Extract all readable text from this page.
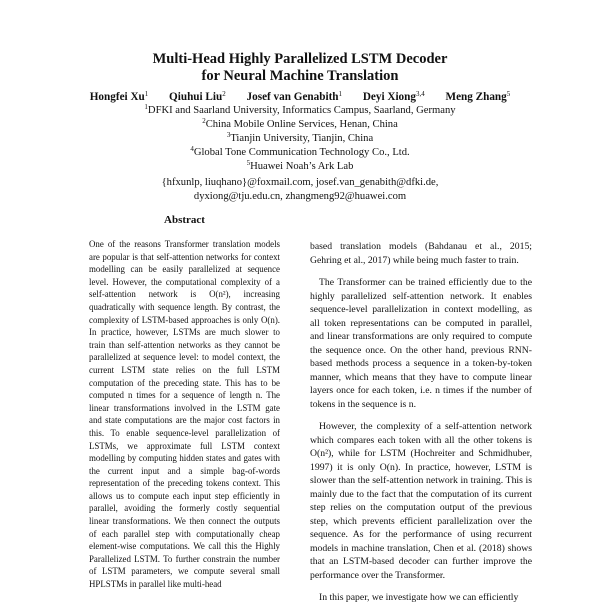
Multi-Head Highly Parallelized LSTM Decoder
for Neural Machine Translation
Hongfei Xu$^1$ Qiuhui Liu$^2$ Josef van Genabith$^1$ Deyi Xiong$^{3,4}$ Meng Zhang$^5$
$^1$DFKI and Saarland University, Informatics Campus, Saarland, Germany
$^2$China Mobile Online Services, Henan, China
$^3$Tianjin University, Tianjin, China
$^4$Global Tone Communication Technology Co., Ltd.
$^5$Huawei Noah’s Ark Lab
{hfxunlp, liuqhano}@foxmail.com, josef.van_genabith@dfki.de,
dyxiong@tju.edu.cn, zhangmeng92@huawei.com
Abstract

One of the reasons Transformer translation models are popular is that self-attention networks for context modelling can be easily parallelized at sequence level. However, the computational complexity of a self-attention network is O(n²), increasing quadratically with sequence length. By contrast, the complexity of LSTM-based approaches is only O(n). In practice, however, LSTMs are much slower to train than self-attention networks as they cannot be parallelized at sequence level: to model context, the current LSTM state relies on the full LSTM computation of the preceding state. This has to be computed n times for a sequence of length n. The linear transformations involved in the LSTM gate and state computations are the major cost factors in this. To enable sequence-level parallelization of LSTMs, we approximate full LSTM context modelling by computing hidden states and gates with the current input and a simple bag-of-words representation of the preceding tokens context. This allows us to compute each input step efficiently in parallel, avoiding the formerly costly sequential linear transformations. We then connect the outputs of each parallel step with computationally cheap element-wise computations. We call this the Highly Parallelized LSTM. To further constrain the number of LSTM parameters, we compute several small HPLSTMs in parallel like multi-head

based translation models (Bahdanau et al., 2015; Gehring et al., 2017) while being much faster to train.

The Transformer can be trained efficiently due to the highly parallelized self-attention network. It enables sequence-level parallelization in context modelling, as all token representations can be computed in parallel, and linear transformations are only required to compute the sequence once. On the other hand, previous RNN-based methods process a sequence in a token-by-token manner, which means that they have to compute linear layers once for each token, i.e. n times if the number of tokens in the sequence is n.

However, the complexity of a self-attention network which compares each token with all the other tokens is O(n²), while for LSTM (Hochreiter and Schmidhuber, 1997) it is only O(n). In practice, however, LSTM is slower than the self-attention network in training. This is mainly due to the fact that the computation of its current step relies on the computation output of the previous step, which prevents efficient parallelization over the sequence. As for the performance of using recurrent models in machine translation, Chen et al. (2018) shows that an LSTM-based decoder can further improve the performance over the Transformer.

In this paper, we investigate how we can efficiently
